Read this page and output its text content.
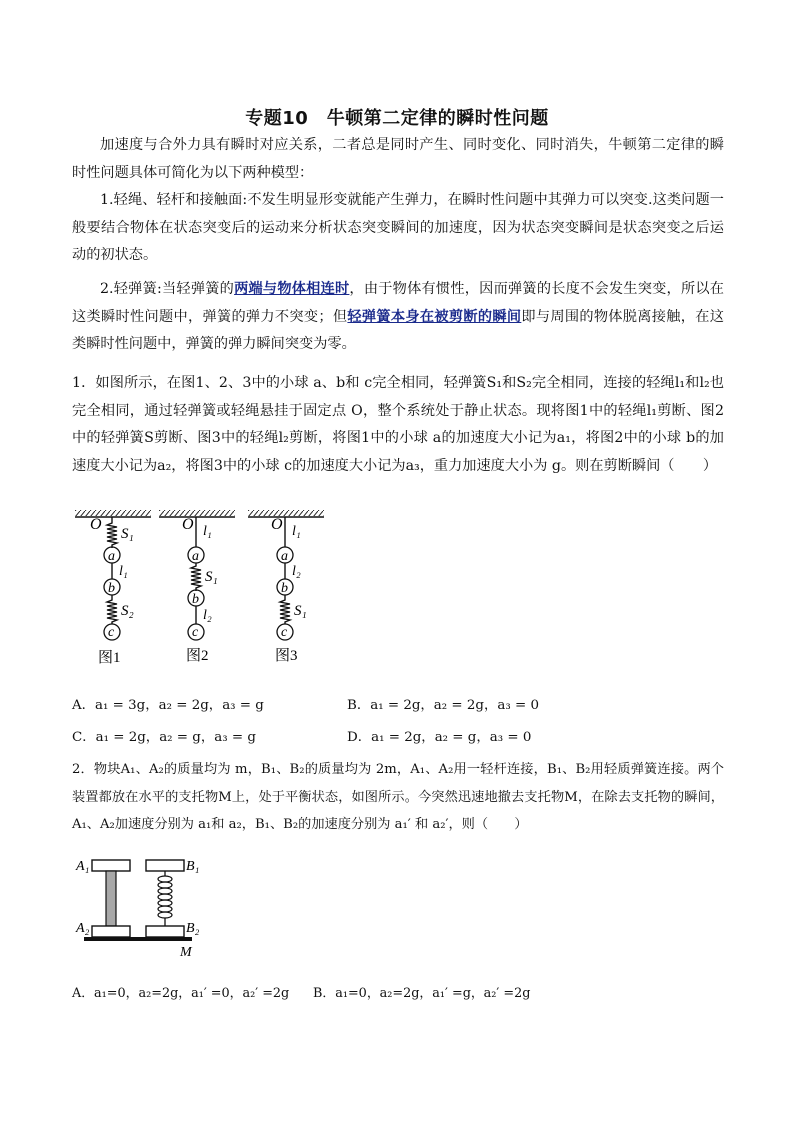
专题10　牛顿第二定律的瞬时性问题
加速度与合外力具有瞬时对应关系，二者总是同时产生、同时变化、同时消失，牛顿第二定律的瞬时性问题具体可简化为以下两种模型：
1.轻绳、轻杆和接触面:不发生明显形变就能产生弹力，在瞬时性问题中其弹力可以突变.这类问题一般要结合物体在状态突变后的运动来分析状态突变瞬间的加速度，因为状态突变瞬间是状态突变之后运动的初状态。
2.轻弹簧:当轻弹簧的两端与物体相连时，由于物体有惯性，因而弹簧的长度不会发生突变，所以在这类瞬时性问题中，弹簧的弹力不突变；但轻弹簧本身在被剪断的瞬间即与周围的物体脱离接触，在这类瞬时性问题中，弹簧的弹力瞬间突变为零。
1．如图所示，在图1、2、3中的小球 a、b和 c完全相同，轻弹簧S₁和S₂完全相同，连接的轻绳l₁和l₂也完全相同，通过轻弹簧或轻绳悬挂于固定点 O，整个系统处于静止状态。现将图1中的轻绳l₁剪断、图2中的轻弹簧S剪断、图3中的轻绳l₂剪断，将图1中的小球 a的加速度大小记为a₁，将图2中的小球 b的加速度大小记为a₂，将图3中的小球 c的加速度大小记为a₃，重力加速度大小为 g。则在剪断瞬间（　　）
O
S₁
a
l₁
b
S₂
c
图1
O l₁
a
S₁
b
l₂
c
图2
O l₁
a
l₂
b
S₁
c
图3
A．a₁ = 3g，a₂ = 2g，a₃ = g	B．a₁ = 2g，a₂ = 2g，a₃ = 0
C．a₁ = 2g，a₂ = g，a₃ = g	D．a₁ = 2g，a₂ = g，a₃ = 0
2．物块A₁、A₂的质量均为 m，B₁、B₂的质量均为 2m，A₁、A₂用一轻杆连接，B₁、B₂用轻质弹簧连接。两个装置都放在水平的支托物M上，处于平衡状态，如图所示。今突然迅速地撤去支托物M，在除去支托物的瞬间，A₁、A₂加速度分别为 a₁和 a₂，B₁、B₂的加速度分别为 a₁′ 和 a₂′，则（　　）
A₁
A₂
B₁
B₂
M
A．a₁=0，a₂=2g，a₁′ =0，a₂′ =2g B．a₁=0，a₂=2g，a₁′ =g，a₂′ =2g
